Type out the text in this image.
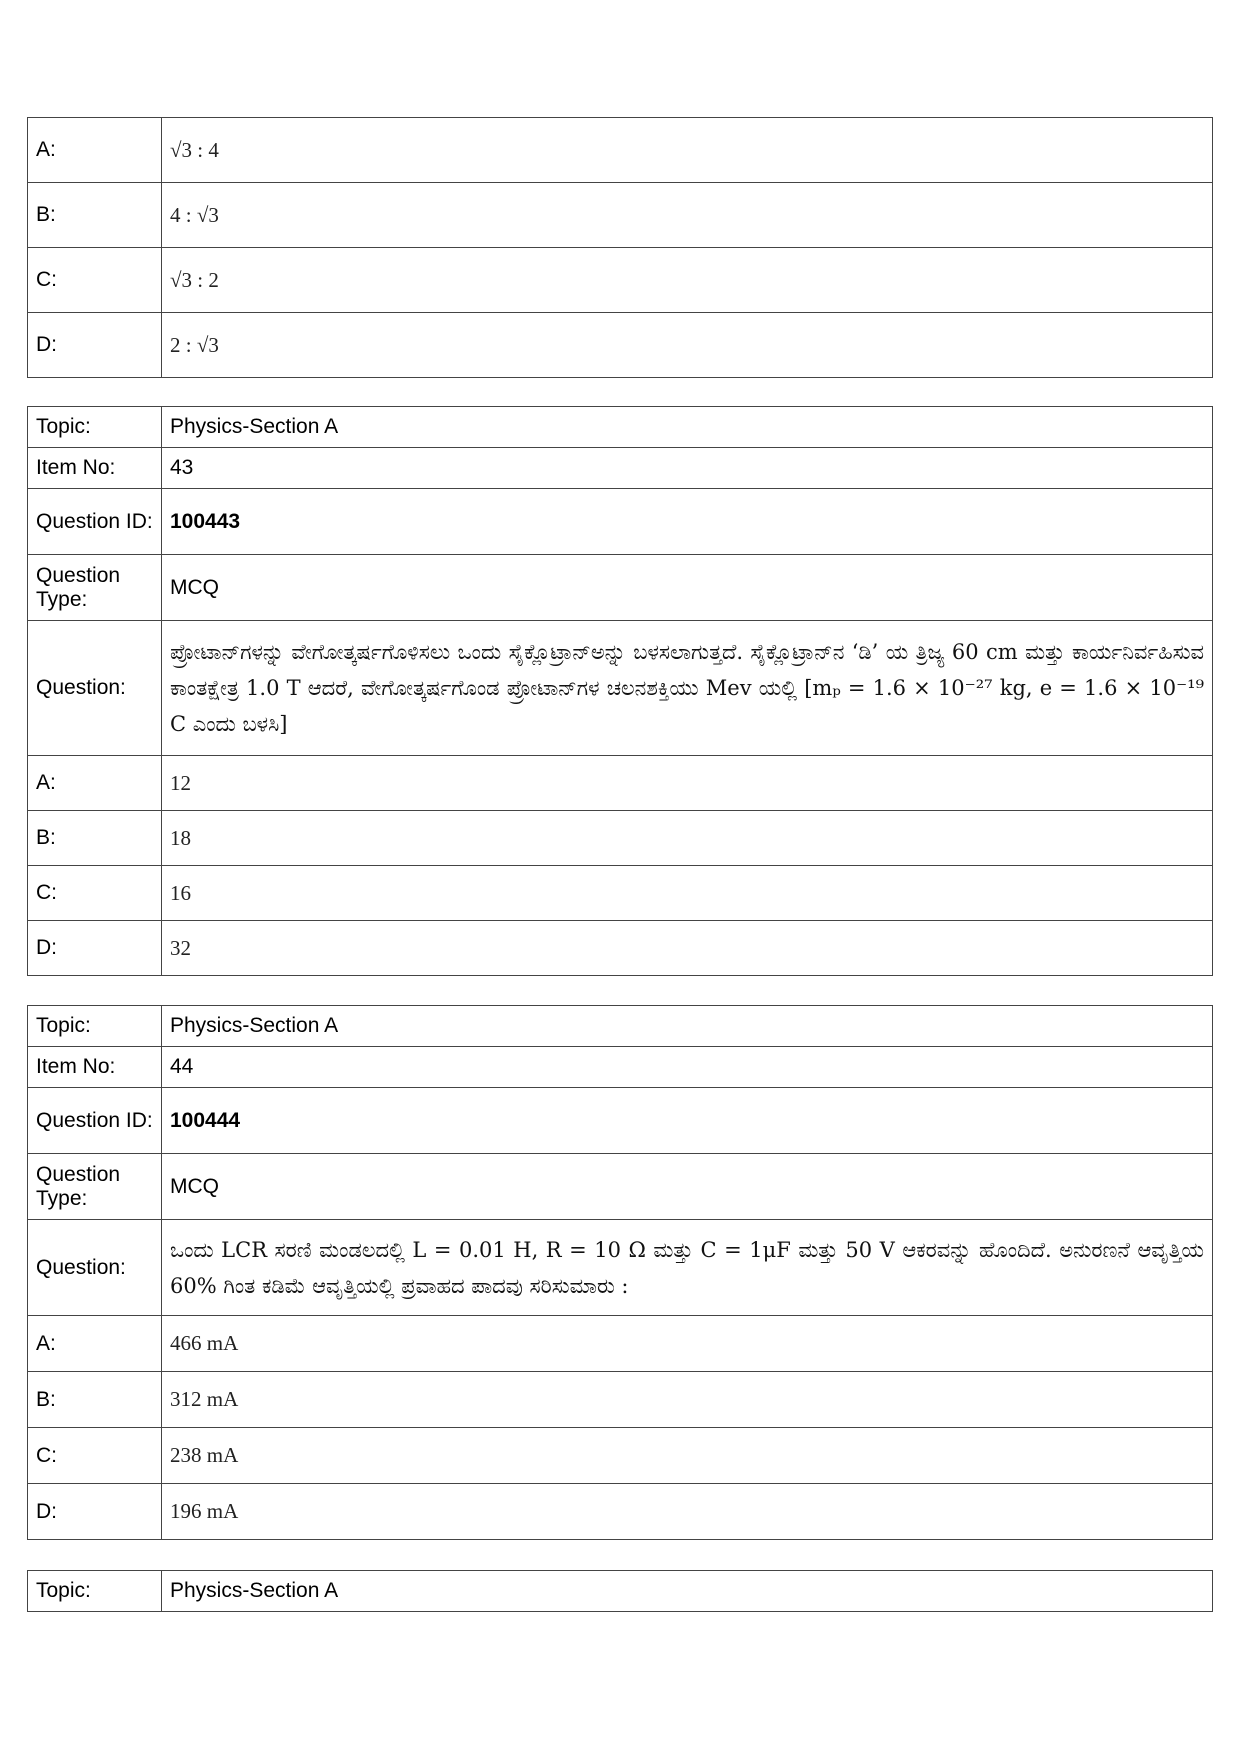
A:	√3 : 4
B:	4 : √3
C:	√3 : 2
D:	2 : √3
Topic:	Physics-Section A
Item No:	43
Question ID:	100443
Question Type:	MCQ
Question:	ಪ್ರೋಟಾನ್‌ಗಳನ್ನು ವೇಗೋತ್ಕರ್ಷಗೊಳಿಸಲು ಒಂದು ಸೈಕ್ಲೊಟ್ರಾನ್‌ಅನ್ನು ಬಳಸಲಾಗುತ್ತದೆ. ಸೈಕ್ಲೊಟ್ರಾನ್‌ನ ‘ಡಿ’ ಯ ತ್ರಿಜ್ಯ 60 cm ಮತ್ತು ಕಾರ್ಯನಿರ್ವಹಿಸುವ ಕಾಂತಕ್ಷೇತ್ರ 1.0 T ಆದರೆ, ವೇಗೋತ್ಕರ್ಷಗೊಂಡ ಪ್ರೋಟಾನ್‌ಗಳ ಚಲನಶಕ್ತಿಯು Mev ಯಲ್ಲಿ [mₚ = 1.6 × 10⁻²⁷ kg, e = 1.6 × 10⁻¹⁹ C ಎಂದು ಬಳಸಿ]
A:	12
B:	18
C:	16
D:	32
Topic:	Physics-Section A
Item No:	44
Question ID:	100444
Question Type:	MCQ
Question:	ಒಂದು LCR ಸರಣಿ ಮಂಡಲದಲ್ಲಿ L = 0.01 H, R = 10 Ω ಮತ್ತು C = 1μF ಮತ್ತು 50 V ಆಕರವನ್ನು ಹೊಂದಿದೆ. ಅನುರಣನೆ ಆವೃತ್ತಿಯ 60% ಗಿಂತ ಕಡಿಮೆ ಆವೃತ್ತಿಯಲ್ಲಿ ಪ್ರವಾಹದ ಪಾದವು ಸರಿಸುಮಾರು :
A:	466 mA
B:	312 mA
C:	238 mA
D:	196 mA
Topic:	Physics-Section A
